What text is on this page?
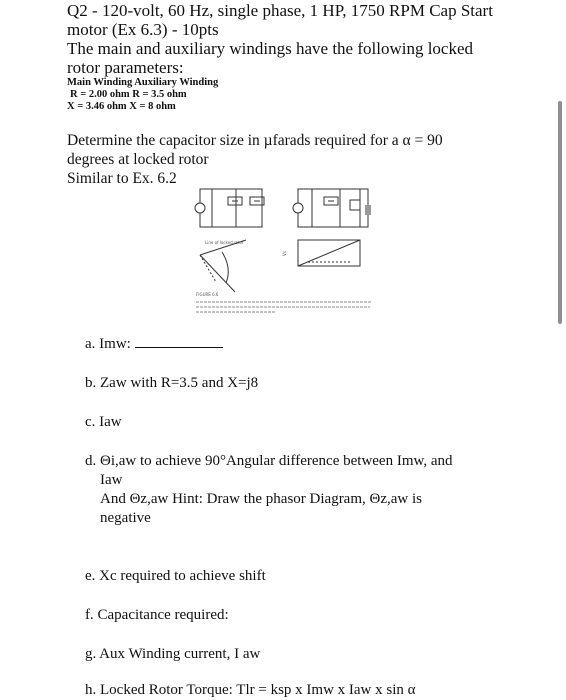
Q2 - 120-volt, 60 Hz, single phase, 1 HP, 1750 RPM Cap Start
motor (Ex 6.3) - 10pts
The main and auxiliary windings have the following locked
rotor parameters:
Main Winding Auxiliary Winding
R = 2.00 ohm R = 3.5 ohm
X = 3.46 ohm X = 8 ohm
Determine the capacitor size in µfarads required for a α = 90
degrees at locked rotor
Similar to Ex. 6.2
Line of locked rotor
Vs
FIGURE 6.6
a. Imw:
b. Zaw with R=3.5 and X=j8
c. Iaw
d. Θi,aw to achieve 90°Angular difference between Imw, and
Iaw
And Θz,aw Hint: Draw the phasor Diagram, Θz,aw is
negative
e. Xc required to achieve shift
f. Capacitance required:
g. Aux Winding current, I aw
h. Locked Rotor Torque: Tlr = ksp x Imw x Iaw x sin α
